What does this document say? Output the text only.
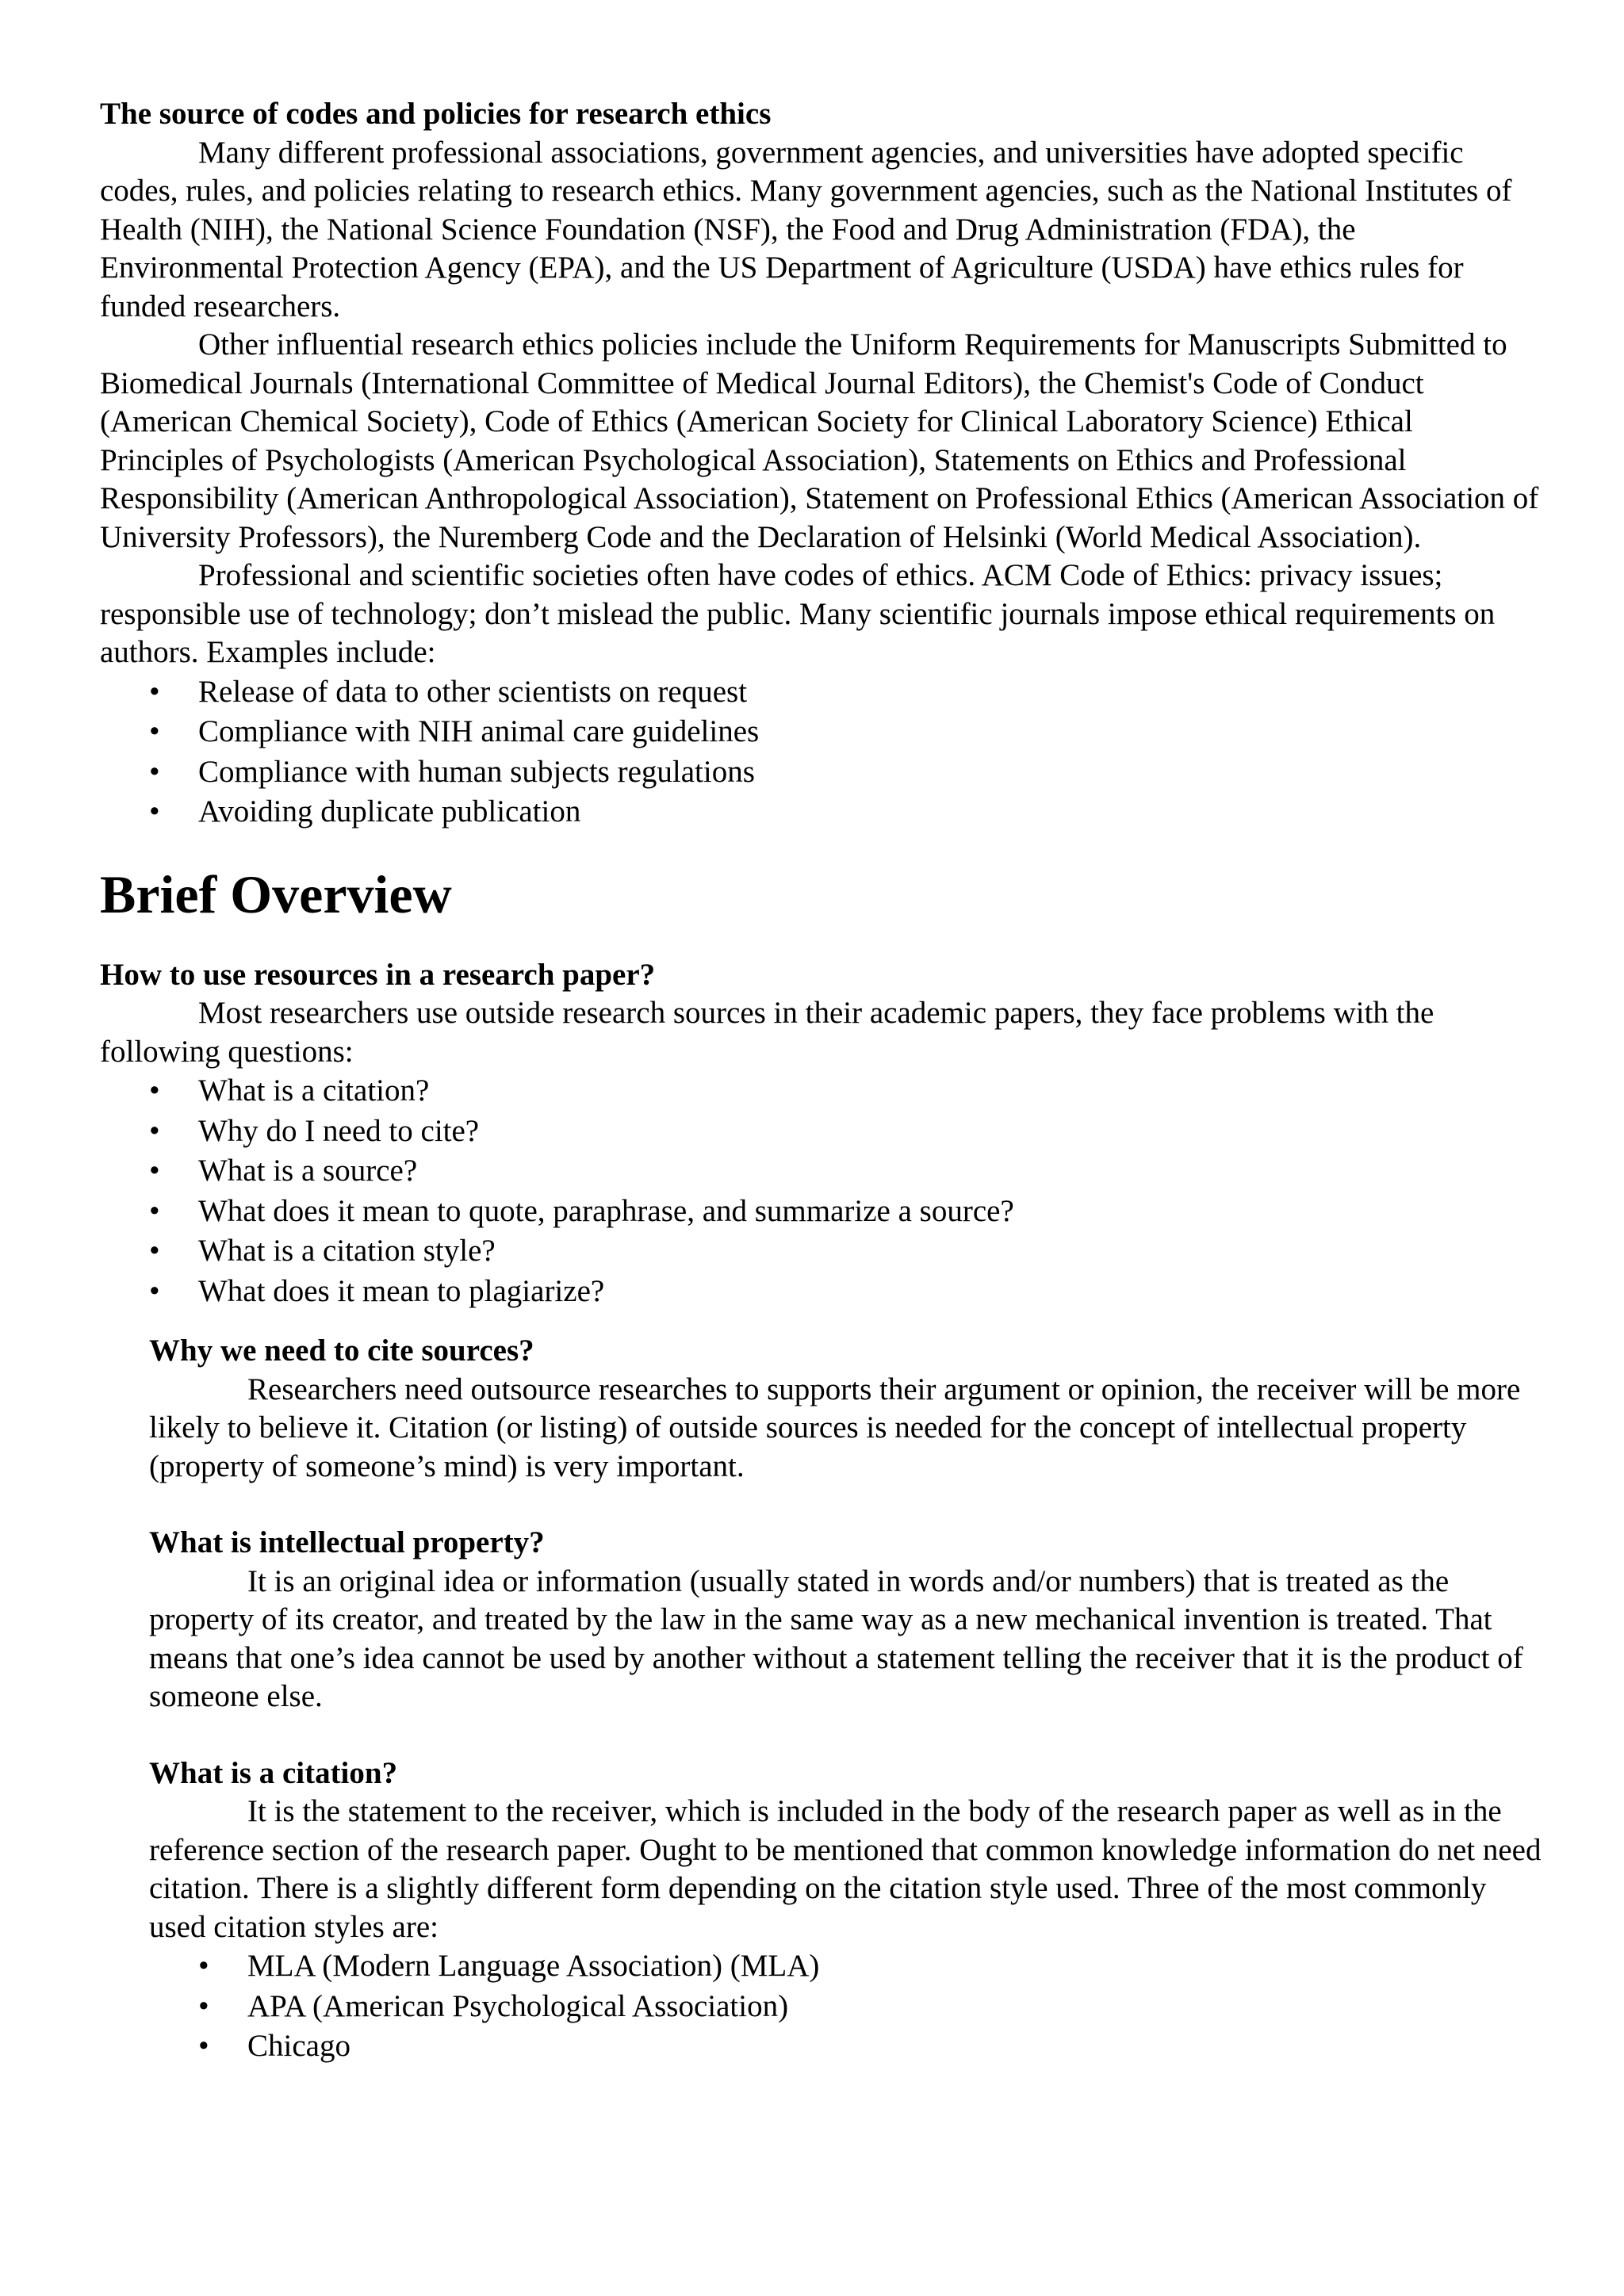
The source of codes and policies for research ethics

Many different professional associations, government agencies, and universities have adopted specific codes, rules, and policies relating to research ethics. Many government agencies, such as the National Institutes of Health (NIH), the National Science Foundation (NSF), the Food and Drug Administration (FDA), the Environmental Protection Agency (EPA), and the US Department of Agriculture (USDA) have ethics rules for funded researchers.

Other influential research ethics policies include the Uniform Requirements for Manuscripts Submitted to Biomedical Journals (International Committee of Medical Journal Editors), the Chemist's Code of Conduct (American Chemical Society), Code of Ethics (American Society for Clinical Laboratory Science) Ethical Principles of Psychologists (American Psychological Association), Statements on Ethics and Professional Responsibility (American Anthropological Association), Statement on Professional Ethics (American Association of University Professors), the Nuremberg Code and the Declaration of Helsinki (World Medical Association).

Professional and scientific societies often have codes of ethics. ACM Code of Ethics: privacy issues; responsible use of technology; don’t mislead the public. Many scientific journals impose ethical requirements on authors. Examples include:

• Release of data to other scientists on request
• Compliance with NIH animal care guidelines
• Compliance with human subjects regulations
• Avoiding duplicate publication
Brief Overview
How to use resources in a research paper?

Most researchers use outside research sources in their academic papers, they face problems with the following questions:

• What is a citation?
• Why do I need to cite?
• What is a source?
• What does it mean to quote, paraphrase, and summarize a source?
• What is a citation style?
• What does it mean to plagiarize?
Why we need to cite sources?

Researchers need outsource researches to supports their argument or opinion, the receiver will be more likely to believe it. Citation (or listing) of outside sources is needed for the concept of intellectual property (property of someone’s mind) is very important.

What is intellectual property?

It is an original idea or information (usually stated in words and/or numbers) that is treated as the property of its creator, and treated by the law in the same way as a new mechanical invention is treated. That means that one’s idea cannot be used by another without a statement telling the receiver that it is the product of someone else.

What is a citation?

It is the statement to the receiver, which is included in the body of the research paper as well as in the reference section of the research paper. Ought to be mentioned that common knowledge information do net need citation. There is a slightly different form depending on the citation style used. Three of the most commonly used citation styles are:

• MLA (Modern Language Association) (MLA)
• APA (American Psychological Association)
• Chicago
